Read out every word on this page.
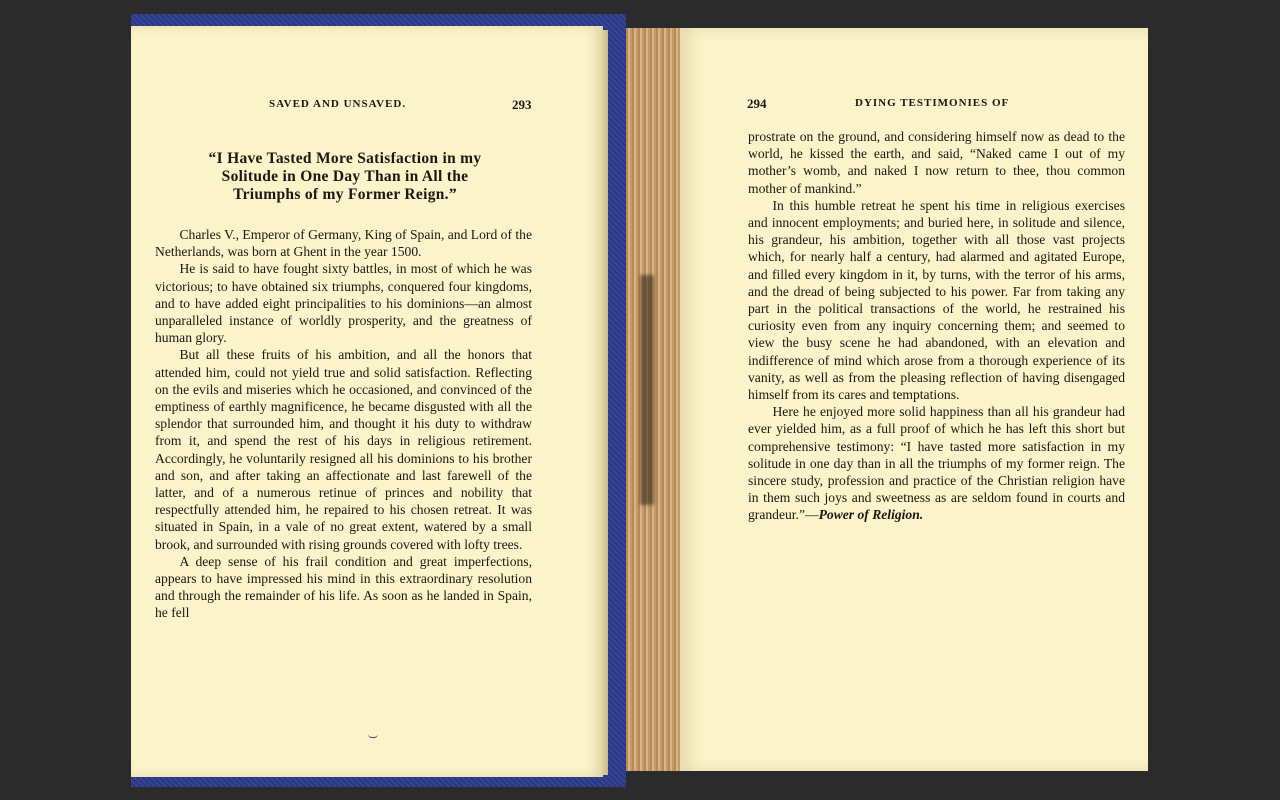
SAVED AND UNSAVED.	293
“I Have Tasted More Satisfaction in my
Solitude in One Day Than in All the
Triumphs of my Former Reign.”

Charles V., Emperor of Germany, King of Spain, and Lord of the Netherlands, was born at Ghent in the year 1500.

He is said to have fought sixty battles, in most of which he was victorious; to have obtained six triumphs, conquered four kingdoms, and to have added eight principalities to his dominions—an almost unparalleled instance of worldly prosperity, and the greatness of human glory.

But all these fruits of his ambition, and all the honors that attended him, could not yield true and solid satisfaction. Reflecting on the evils and miseries which he occasioned, and convinced of the emptiness of earthly magnificence, he became disgusted with all the splendor that surrounded him, and thought it his duty to withdraw from it, and spend the rest of his days in religious retirement. Accordingly, he voluntarily resigned all his dominions to his brother and son, and after taking an affectionate and last farewell of the latter, and of a numerous retinue of princes and nobility that respectfully attended him, he repaired to his chosen retreat. It was situated in Spain, in a vale of no great extent, watered by a small brook, and surrounded with rising grounds covered with lofty trees.

A deep sense of his frail condition and great imperfections, appears to have impressed his mind in this extraordinary resolution and through the remainder of his life. As soon as he landed in Spain, he fell

294	DYING TESTIMONIES OF

prostrate on the ground, and considering himself now as dead to the world, he kissed the earth, and said, “Naked came I out of my mother’s womb, and naked I now return to thee, thou common mother of mankind.”

In this humble retreat he spent his time in religious exercises and innocent employments; and buried here, in solitude and silence, his grandeur, his ambition, together with all those vast projects which, for nearly half a century, had alarmed and agitated Europe, and filled every kingdom in it, by turns, with the terror of his arms, and the dread of being subjected to his power. Far from taking any part in the political transactions of the world, he restrained his curiosity even from any inquiry concerning them; and seemed to view the busy scene he had abandoned, with an elevation and indifference of mind which arose from a thorough experience of its vanity, as well as from the pleasing reflection of having disengaged himself from its cares and temptations.

Here he enjoyed more solid happiness than all his grandeur had ever yielded him, as a full proof of which he has left this short but comprehensive testimony: “I have tasted more satisfaction in my solitude in one day than in all the triumphs of my former reign. The sincere study, profession and practice of the Christian religion have in them such joys and sweetness as are seldom found in courts and grandeur.”—Power of Religion.
